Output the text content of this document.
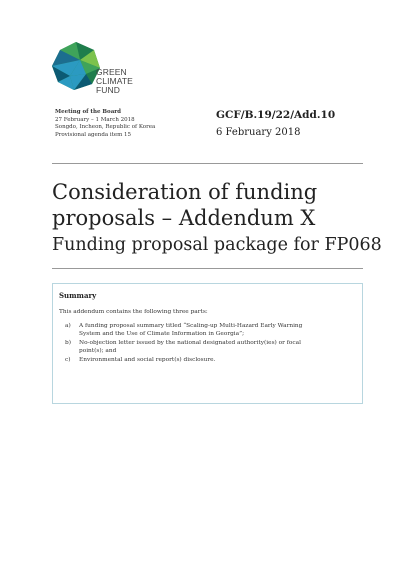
GREEN
CLIMATE
FUND
Meeting of the Board
27 February – 1 March 2018
Songdo, Incheon, Republic of Korea
Provisional agenda item 15
GCF/B.19/22/Add.10
6 February 2018
Consideration of funding
proposals – Addendum X
Funding proposal package for FP068
Summary
This addendum contains the following three parts:
a)	A funding proposal summary titled “Scaling-up Multi-Hazard Early Warning System and the Use of Climate Information in Georgia”;
b)	No-objection letter issued by the national designated authority(ies) or focal point(s); and
c)	Environmental and social report(s) disclosure.
